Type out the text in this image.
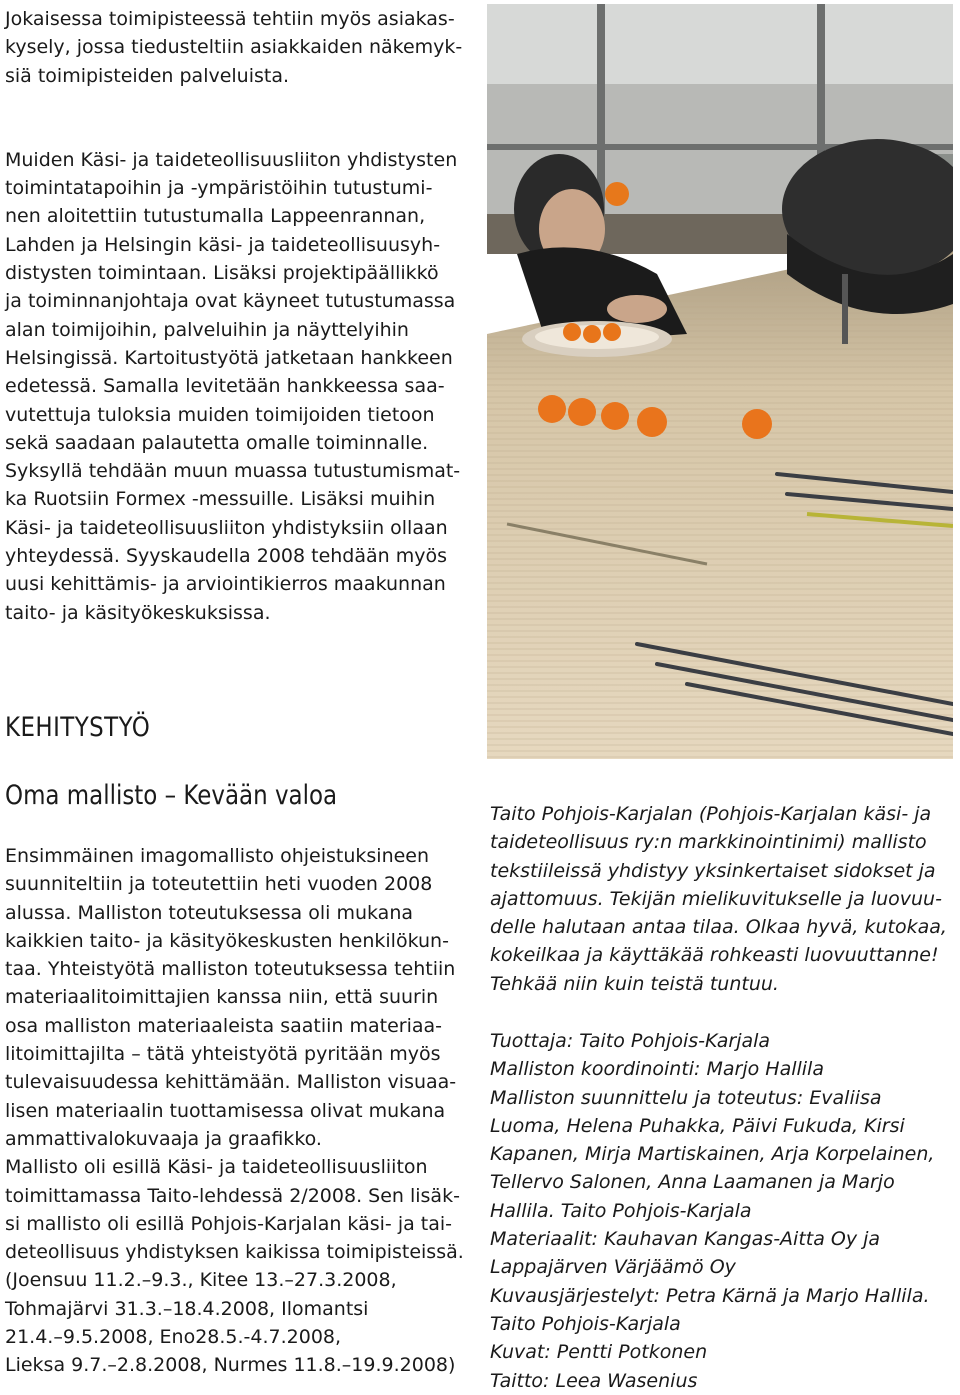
Jokaisessa toimipisteessä tehtiin myös asiakas-
kysely, jossa tiedusteltiin asiakkaiden näkemyk-
siä toimipisteiden palveluista.
Muiden Käsi- ja taideteollisuusliiton yhdistysten
toimintatapoihin ja -ympäristöihin tutustumi-
nen aloitettiin tutustumalla Lappeenrannan,
Lahden ja Helsingin käsi- ja taideteollisuusyh-
distysten toimintaan. Lisäksi projektipäällikkö
ja toiminnanjohtaja ovat käyneet tutustumassa
alan toimijoihin, palveluihin ja näyttelyihin
Helsingissä. Kartoitustyötä jatketaan hankkeen
edetessä. Samalla levitetään hankkeessa saa-
vutettuja tuloksia muiden toimijoiden tietoon
sekä saadaan palautetta omalle toiminnalle.
Syksyllä tehdään muun muassa tutustumismat-
ka Ruotsiin Formex -messuille. Lisäksi muihin
Käsi- ja taideteollisuusliiton yhdistyksiin ollaan
yhteydessä. Syyskaudella 2008 tehdään myös
uusi kehittämis- ja arviointikierros maakunnan
taito- ja käsityökeskuksissa.
KEHITYSTYÖ
Oma mallisto – Kevään valoa
Ensimmäinen imagomallisto ohjeistuksineen
suunniteltiin ja toteutettiin heti vuoden 2008
alussa. Malliston toteutuksessa oli mukana
kaikkien taito- ja käsityökeskusten henkilökun-
taa. Yhteistyötä malliston toteutuksessa tehtiin
materiaalitoimittajien kanssa niin, että suurin
osa malliston materiaaleista saatiin materiaa-
litoimittajilta – tätä yhteistyötä pyritään myös
tulevaisuudessa kehittämään. Malliston visuaa-
lisen materiaalin tuottamisessa olivat mukana
ammattivalokuvaaja ja graafikko.
Mallisto oli esillä Käsi- ja taideteollisuusliiton
toimittamassa Taito-lehdessä 2/2008. Sen lisäk-
si mallisto oli esillä Pohjois-Karjalan käsi- ja tai-
deteollisuus yhdistyksen kaikissa toimipisteissä.
(Joensuu 11.2.–9.3., Kitee 13.–27.3.2008,
Tohmajärvi 31.3.–18.4.2008, Ilomantsi
21.4.–9.5.2008, Eno28.5.-4.7.2008,
Lieksa 9.7.–2.8.2008, Nurmes 11.8.–19.9.2008)
Taito Pohjois-Karjalan (Pohjois-Karjalan käsi- ja
taideteollisuus ry:n markkinointinimi) mallisto
tekstiileissä yhdistyy yksinkertaiset sidokset ja
ajattomuus. Tekijän mielikuvitukselle ja luovuu-
delle halutaan antaa tilaa. Olkaa hyvä, kutokaa,
kokeilkaa ja käyttäkää rohkeasti luovuuttanne!
Tehkää niin kuin teistä tuntuu.
Tuottaja: Taito Pohjois-Karjala
Malliston koordinointi: Marjo Hallila
Malliston suunnittelu ja toteutus: Evaliisa
Luoma, Helena Puhakka, Päivi Fukuda, Kirsi
Kapanen, Mirja Martiskainen, Arja Korpelainen,
Tellervo Salonen, Anna Laamanen ja Marjo
Hallila. Taito Pohjois-Karjala
Materiaalit: Kauhavan Kangas-Aitta Oy ja
Lappajärven Värjäämö Oy
Kuvausjärjestelyt: Petra Kärnä ja Marjo Hallila.
Taito Pohjois-Karjala
Kuvat: Pentti Potkonen
Taitto: Leea Wasenius
